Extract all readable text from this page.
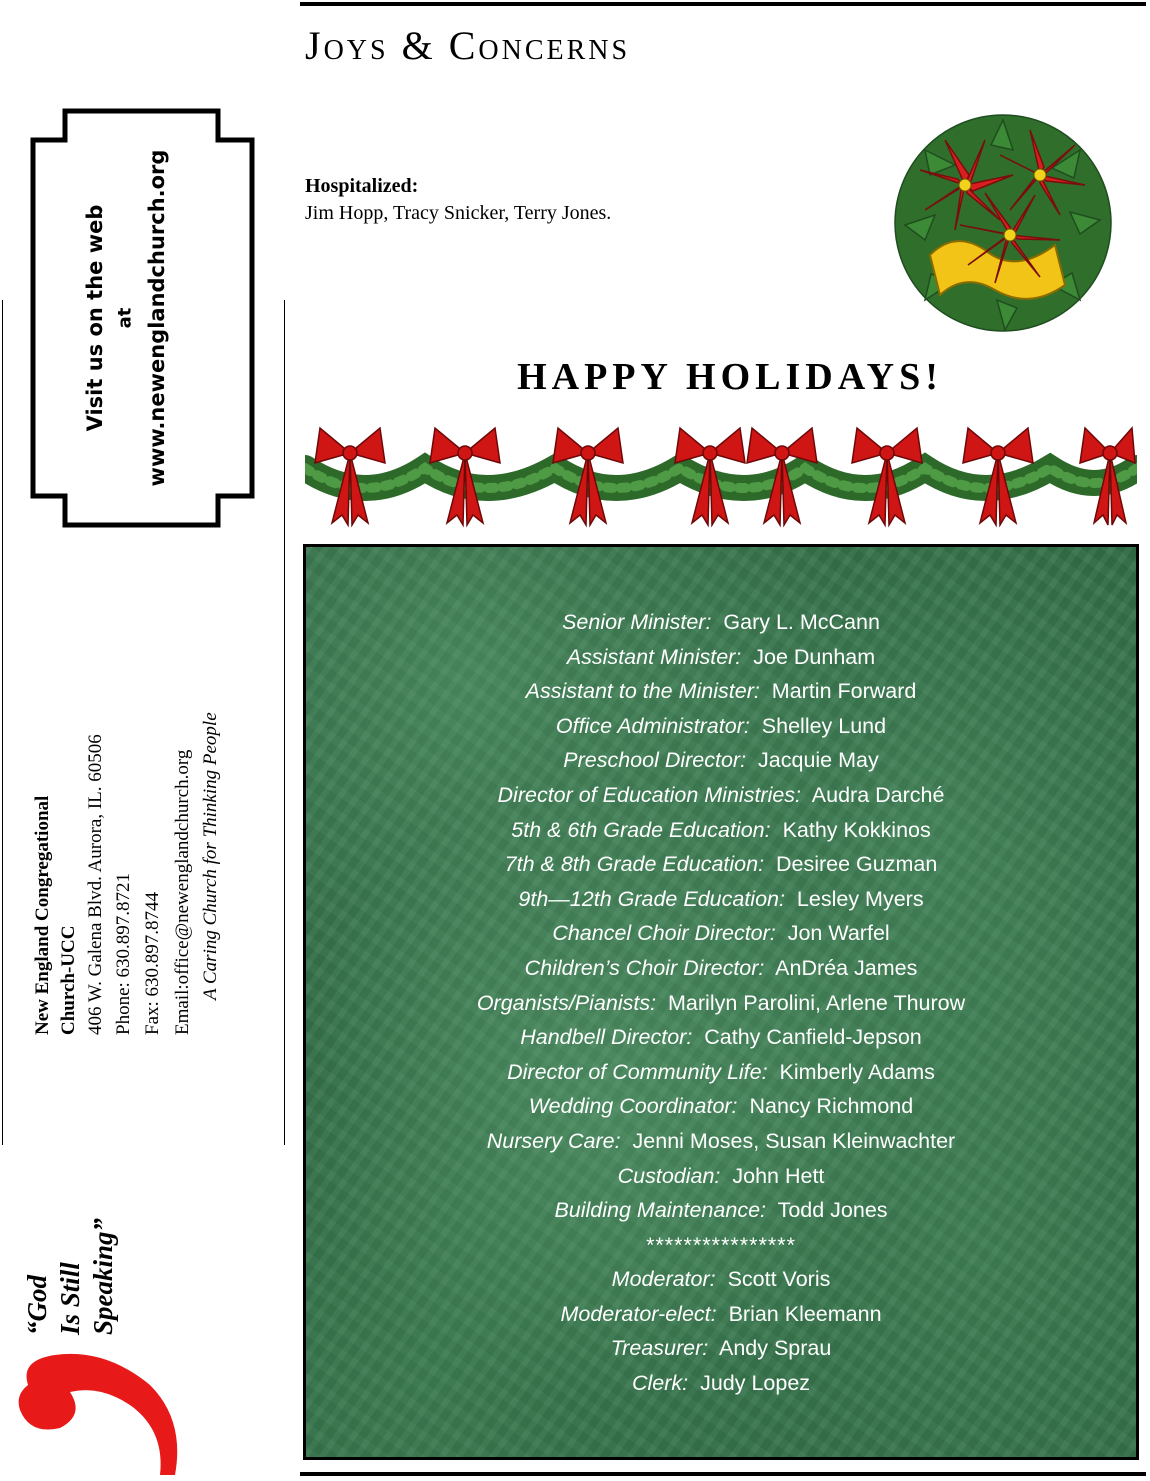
Joys & Concerns
Hospitalized:
Jim Hopp, Tracy Snicker, Terry Jones.
HAPPY HOLIDAYS!
Senior Minister: Gary L. McCann
Assistant Minister: Joe Dunham
Assistant to the Minister: Martin Forward
Office Administrator: Shelley Lund
Preschool Director: Jacquie May
Director of Education Ministries: Audra Darché
5th & 6th Grade Education: Kathy Kokkinos
7th & 8th Grade Education: Desiree Guzman
9th—12th Grade Education: Lesley Myers
Chancel Choir Director: Jon Warfel
Children’s Choir Director: AnDréa James
Organists/Pianists: Marilyn Parolini, Arlene Thurow
Handbell Director: Cathy Canfield-Jepson
Director of Community Life: Kimberly Adams
Wedding Coordinator: Nancy Richmond
Nursery Care: Jenni Moses, Susan Kleinwachter
Custodian: John Hett
Building Maintenance: Todd Jones
****************
Moderator: Scott Voris
Moderator-elect: Brian Kleemann
Treasurer: Andy Sprau
Clerk: Judy Lopez
Visit us on the web at www.newenglandchurch.org
New England Congregational Church-UCC 406 W. Galena Blvd. Aurora, IL. 60506 Phone: 630.897.8721 Fax: 630.897.8744 Email:office@newenglandchurch.org A Caring Church for Thinking People
“God Is Still Speaking”
